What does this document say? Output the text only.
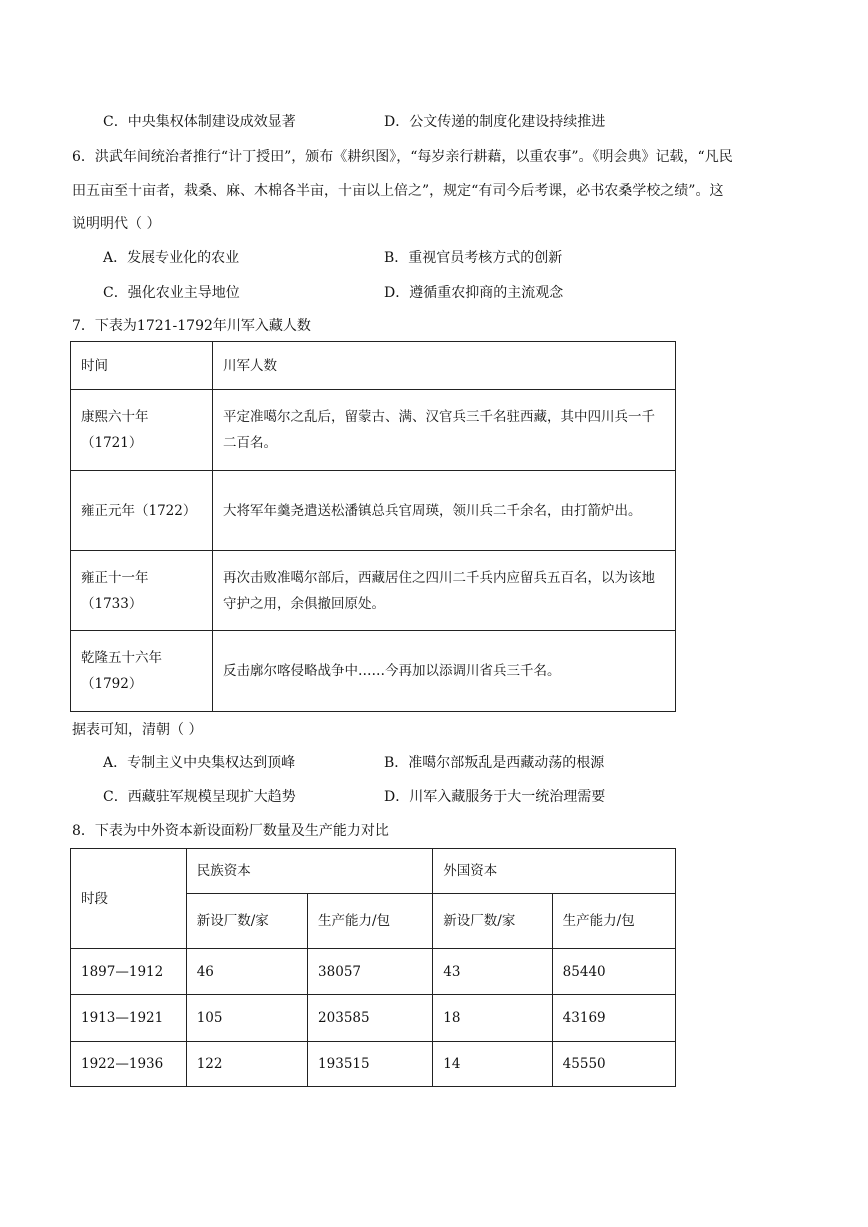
C．中央集权体制建设成效显著	D．公文传递的制度化建设持续推进
6．洪武年间统治者推行“计丁授田”，颁布《耕织图》，“每岁亲行耕藉，以重农事”。《明会典》记载，“凡民
田五亩至十亩者，栽桑、麻、木棉各半亩，十亩以上倍之”，规定“有司今后考课，必书农桑学校之绩”。这
说明明代（ ）
A．发展专业化的农业	B．重视官员考核方式的创新
C．强化农业主导地位	D．遵循重农抑商的主流观念
7．下表为1721-1792年川军入藏人数
时间	川军人数
康熙六十年（1721）	平定准噶尔之乱后，留蒙古、满、汉官兵三千名驻西藏，其中四川兵一千二百名。
雍正元年（1722）	大将军年羹尧遣送松潘镇总兵官周瑛，领川兵二千余名，由打箭炉出。
雍正十一年（1733）	再次击败准噶尔部后，西藏居住之四川二千兵内应留兵五百名，以为该地守护之用，余俱撤回原处。
乾隆五十六年（1792）	反击廓尔喀侵略战争中……今再加以添调川省兵三千名。
据表可知，清朝（ ）
A．专制主义中央集权达到顶峰	B．准噶尔部叛乱是西藏动荡的根源
C．西藏驻军规模呈现扩大趋势	D．川军入藏服务于大一统治理需要
8．下表为中外资本新设面粉厂数量及生产能力对比
时段	民族资本		外国资本	
	新设厂数/家	生产能力/包	新设厂数/家	生产能力/包
1897—1912	46	38057	43	85440
1913—1921	105	203585	18	43169
1922—1936	122	193515	14	45550
